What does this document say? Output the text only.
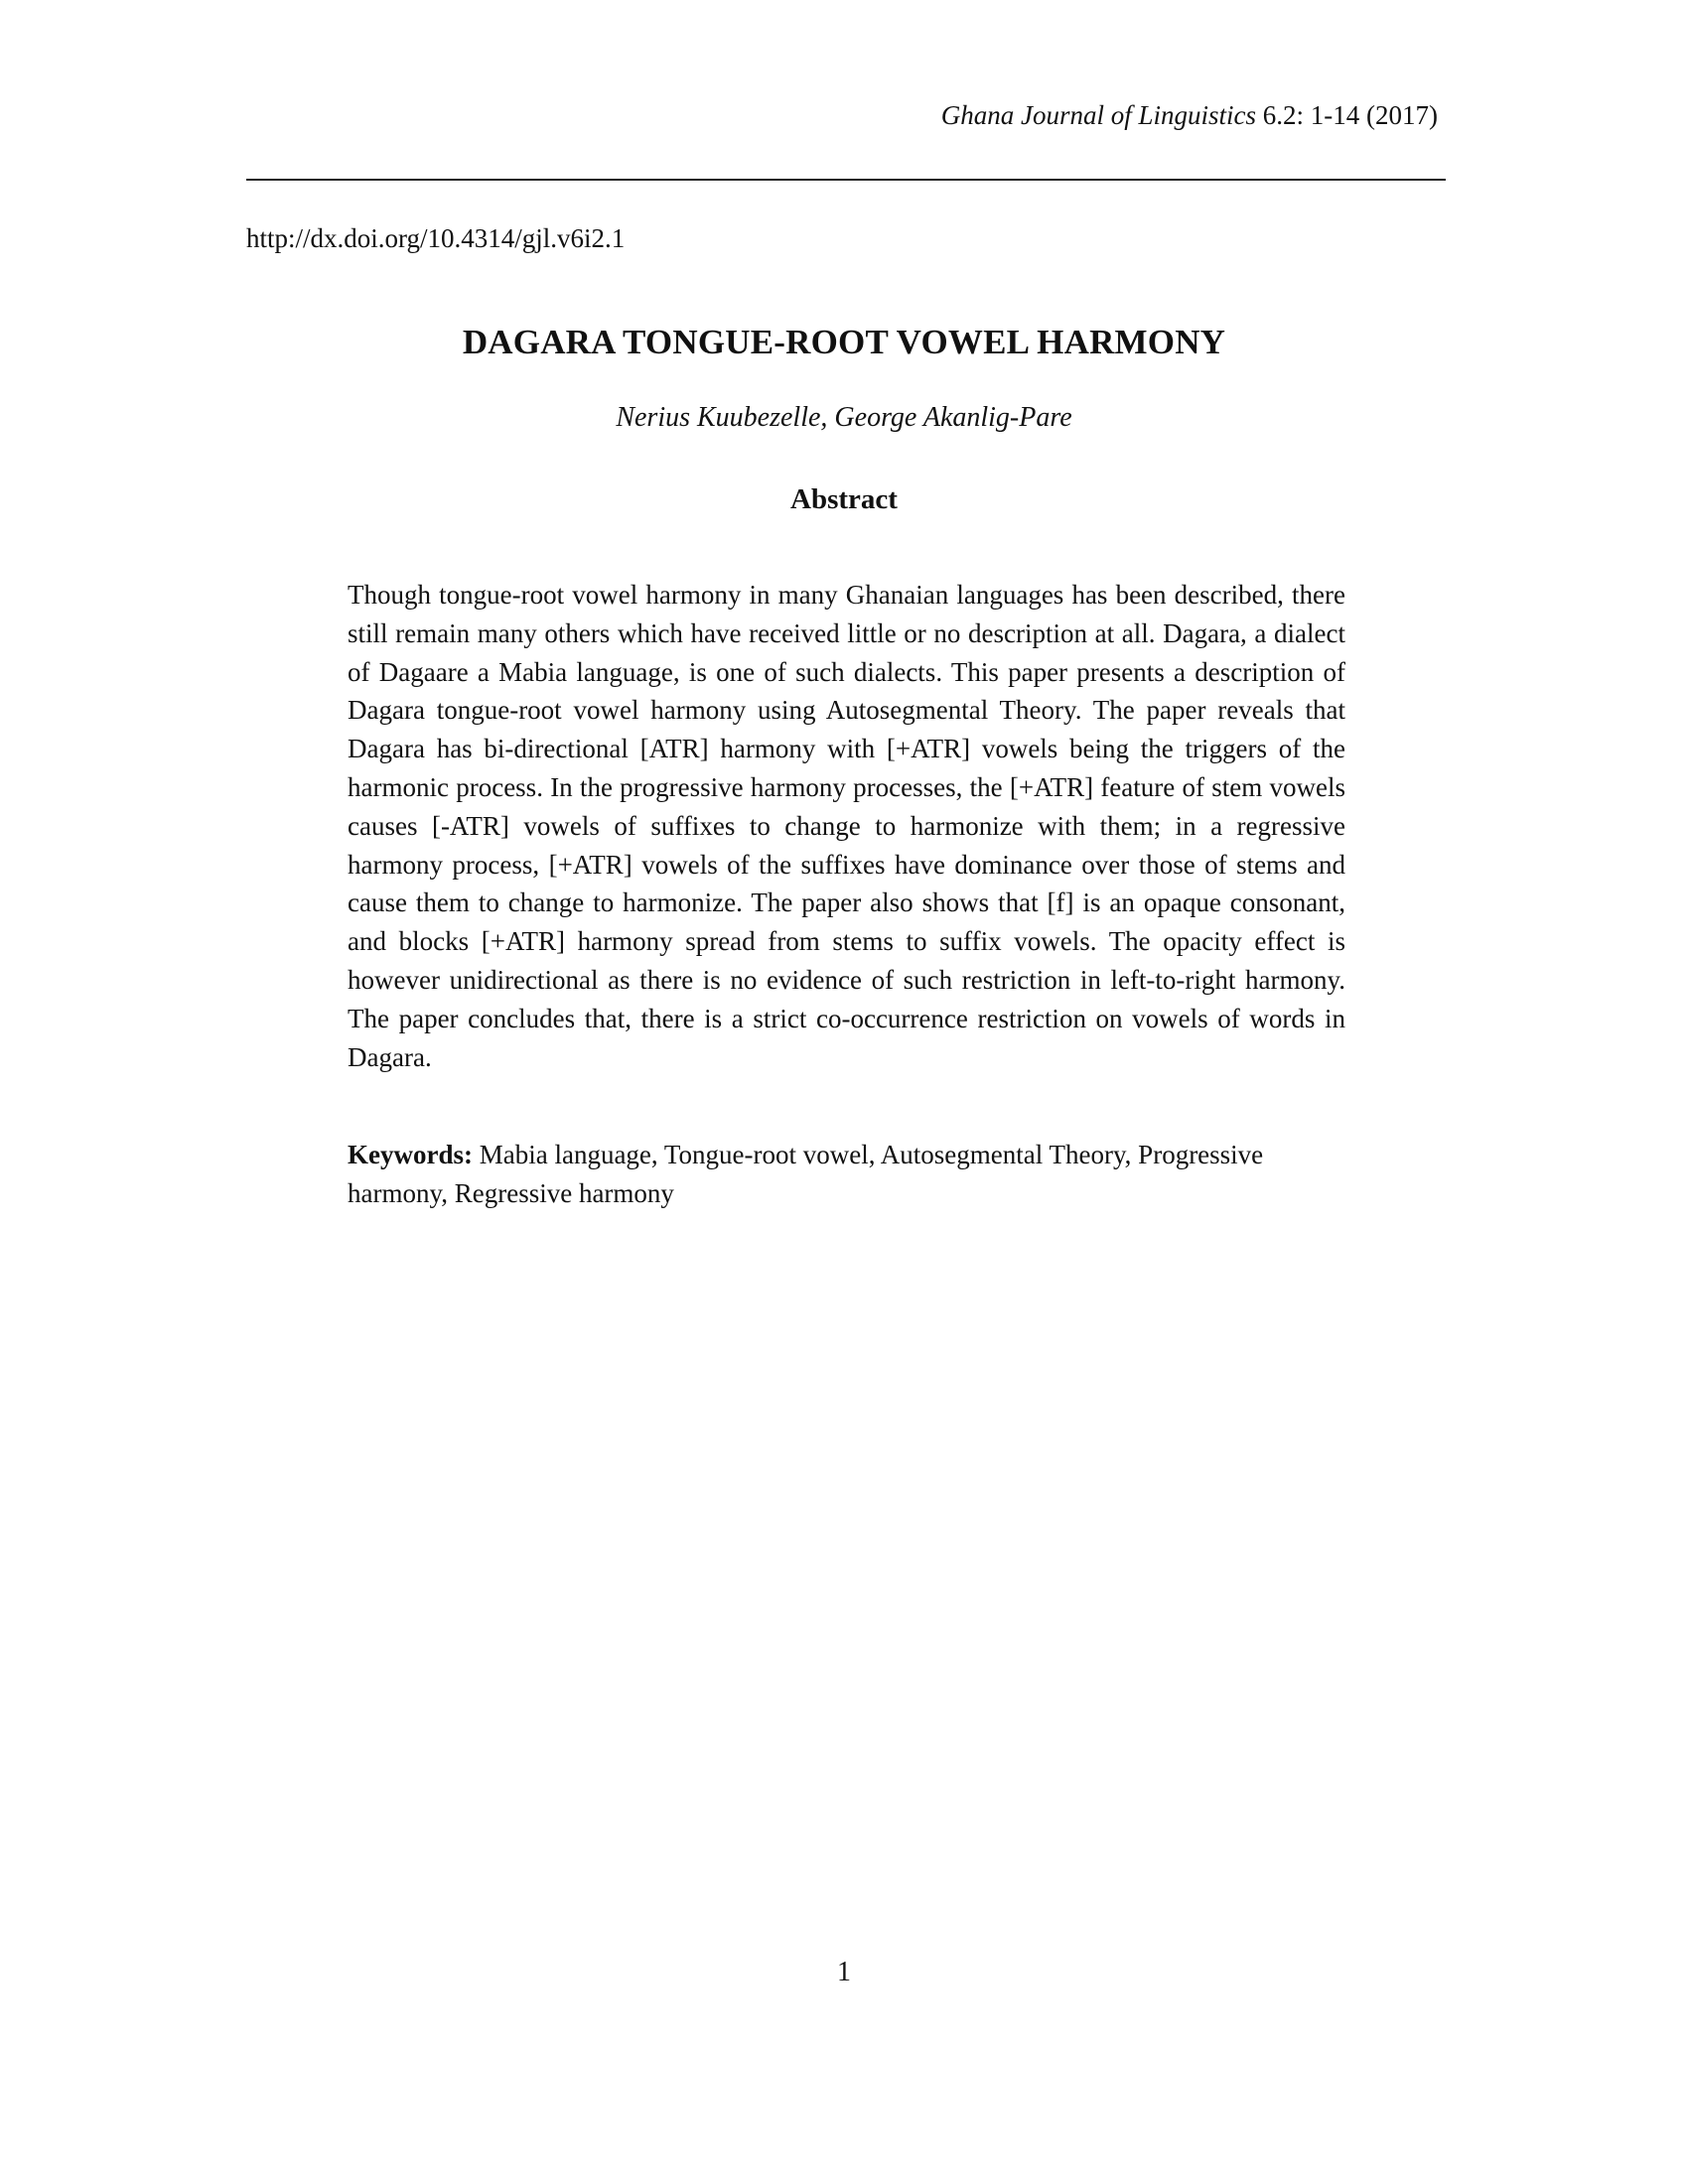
Ghana Journal of Linguistics 6.2: 1-14 (2017)
http://dx.doi.org/10.4314/gjl.v6i2.1
DAGARA TONGUE-ROOT VOWEL HARMONY
Nerius Kuubezelle, George Akanlig-Pare
Abstract

Though tongue-root vowel harmony in many Ghanaian languages has been described, there still remain many others which have received little or no description at all. Dagara, a dialect of Dagaare a Mabia language, is one of such dialects. This paper presents a description of Dagara tongue-root vowel harmony using Autosegmental Theory. The paper reveals that Dagara has bi-directional [ATR] harmony with [+ATR] vowels being the triggers of the harmonic process. In the progressive harmony processes, the [+ATR] feature of stem vowels causes [-ATR] vowels of suffixes to change to harmonize with them; in a regressive harmony process, [+ATR] vowels of the suffixes have dominance over those of stems and cause them to change to harmonize. The paper also shows that [f] is an opaque consonant, and blocks [+ATR] harmony spread from stems to suffix vowels. The opacity effect is however unidirectional as there is no evidence of such restriction in left-to-right harmony. The paper concludes that, there is a strict co-occurrence restriction on vowels of words in Dagara.

Keywords: Mabia language, Tongue-root vowel, Autosegmental Theory, Progressive harmony, Regressive harmony

1
